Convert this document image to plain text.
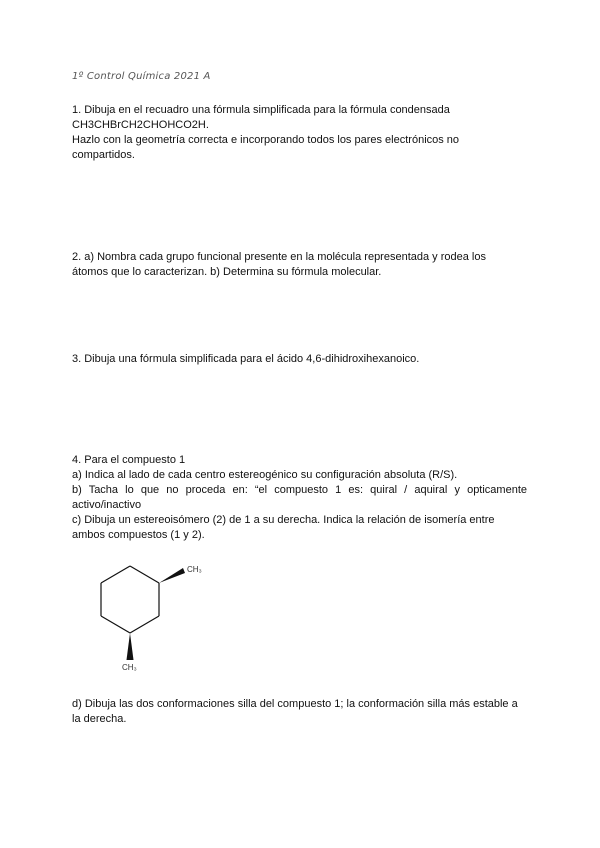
1º Control Química 2021 A

1. Dibuja en el recuadro una fórmula simplificada para la fórmula condensada

CH3CHBrCH2CHOHCO2H.

Hazlo con la geometría correcta e incorporando todos los pares electrónicos no

compartidos.

2. a) Nombra cada grupo funcional presente en la molécula representada y rodea los

átomos que lo caracterizan. b) Determina su fórmula molecular.

3. Dibuja una fórmula simplificada para el ácido 4,6-dihidroxihexanoico.

4. Para el compuesto 1

a) Indica al lado de cada centro estereogénico su configuración absoluta (R/S).

b) Tacha lo que no proceda en: “el compuesto 1 es: quiral / aquiral y opticamente activo/inactivo

c) Dibuja un estereoisómero (2) de 1 a su derecha. Indica la relación de isomería entre

ambos compuestos (1 y 2).

CH₃
CH₃

d) Dibuja las dos conformaciones silla del compuesto 1; la conformación silla más estable a

la derecha.
